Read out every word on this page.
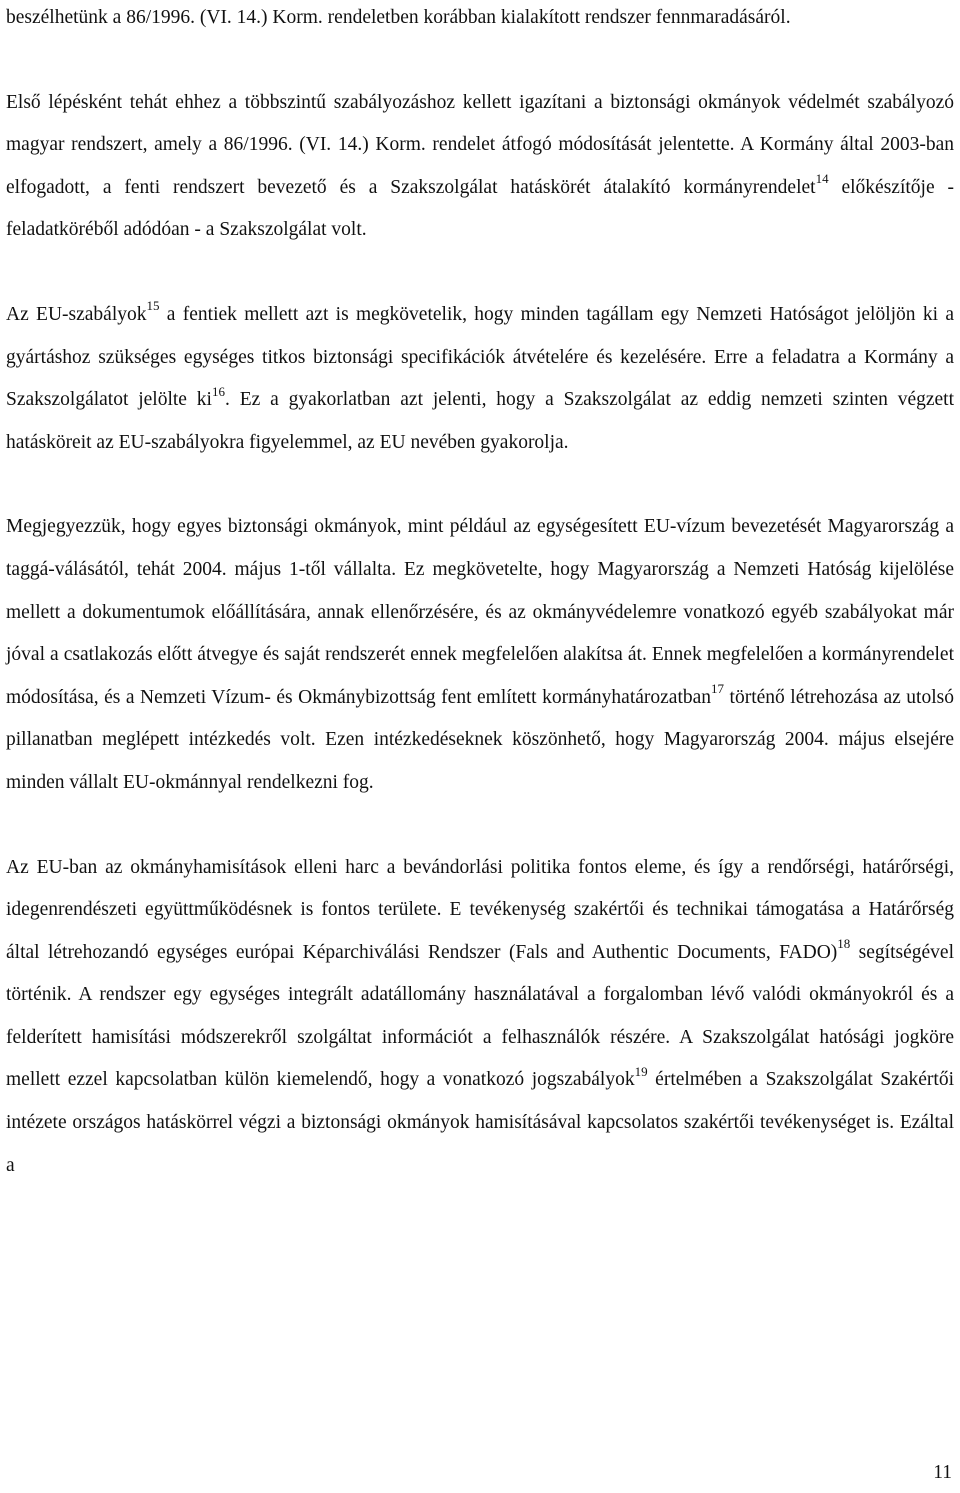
beszélhetünk a 86/1996. (VI. 14.) Korm. rendeletben korábban kialakított rendszer fennmaradásáról.

Első lépésként tehát ehhez a többszintű szabályozáshoz kellett igazítani a biztonsági okmányok védelmét szabályozó magyar rendszert, amely a 86/1996. (VI. 14.) Korm. rendelet átfogó módosítását jelentette. A Kormány által 2003-ban elfogadott, a fenti rendszert bevezető és a Szakszolgálat hatáskörét átalakító kormányrendelet$^{14}$ előkészítője - feladatköréből adódóan - a Szakszolgálat volt.

Az EU-szabályok$^{15}$ a fentiek mellett azt is megkövetelik, hogy minden tagállam egy Nemzeti Hatóságot jelöljön ki a gyártáshoz szükséges egységes titkos biztonsági specifikációk átvételére és kezelésére. Erre a feladatra a Kormány a Szakszolgálatot jelölte $ki^{16}$. Ez a gyakorlatban azt jelenti, hogy a Szakszolgálat az eddig nemzeti szinten végzett hatásköreit az EU-szabályokra figyelemmel, az EU nevében gyakorolja.

Megjegyezzük, hogy egyes biztonsági okmányok, mint például az egységesített EU-vízum bevezetését Magyarország a taggá-válásától, tehát 2004. május 1-től vállalta. Ez megkövetelte, hogy Magyarország a Nemzeti Hatóság kijelölése mellett a dokumentumok előállítására, annak ellenőrzésére, és az okmányvédelemre vonatkozó egyéb szabályokat már jóval a csatlakozás előtt átvegye és saját rendszerét ennek megfelelően alakítsa át. Ennek megfelelően a kormányrendelet módosítása, és a Nemzeti Vízum- és Okmánybizottság fent említett kormányhatározatban$^{17}$ történő létrehozása az utolsó pillanatban meglépett intézkedés volt. Ezen intézkedéseknek köszönhető, hogy Magyarország 2004. május elsejére minden vállalt EU-okmánnyal rendelkezni fog.

Az EU-ban az okmányhamisítások elleni harc a bevándorlási politika fontos eleme, és így a rendőrségi, határőrségi, idegenrendészeti együttműködésnek is fontos területe. E tevékenység szakértői és technikai támogatása a Határőrség által létrehozandó egységes európai Képarchiválási Rendszer (Fals and Authentic Documents, FADO)$^{18}$ segítségével történik. A rendszer egy egységes integrált adatállomány használatával a forgalomban lévő valódi okmányokról és a felderített hamisítási módszerekről szolgáltat információt a felhasználók részére. A Szakszolgálat hatósági jogköre mellett ezzel kapcsolatban külön kiemelendő, hogy a vonatkozó jogszabályok$^{19}$ értelmében a Szakszolgálat Szakértői intézete országos hatáskörrel végzi a biztonsági okmányok hamisításával kapcsolatos szakértői tevékenységet is. Ezáltal a

11
